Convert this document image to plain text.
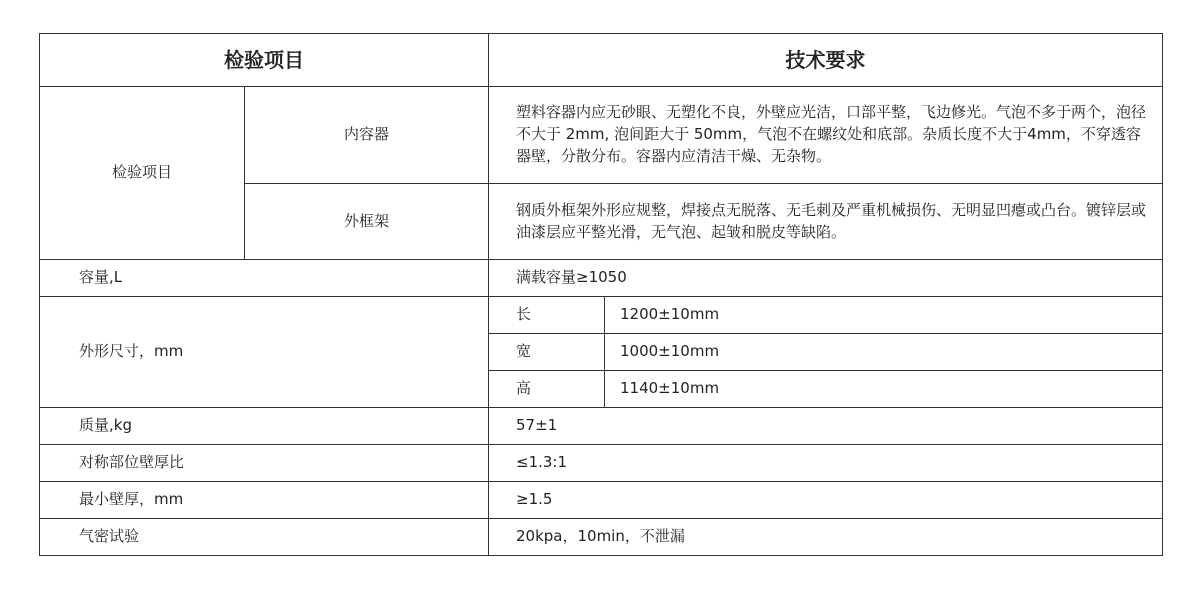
检验项目		技术要求	
检验项目	内容器	塑料容器内应无砂眼、无塑化不良，外壁应光洁，口部平整，飞边修光。气泡不多于两个，泡径不大于 2mm, 泡间距大于 50mm，气泡不在螺纹处和底部。杂质长度不大于4mm，不穿透容器壁，分散分布。容器内应清洁干燥、无杂物。	
	外框架	钢质外框架外形应规整，焊接点无脱落、无毛刺及严重机械损伤、无明显凹瘪或凸台。镀锌层或油漆层应平整光滑，无气泡、起皱和脱皮等缺陷。	
容量,L		满载容量≥1050	
外形尺寸，mm		长	1200±10mm
		宽	1000±10mm
		高	1140±10mm
质量,kg		57±1	
对称部位壁厚比		≤1.3:1	
最小壁厚，mm		≥1.5	
气密试验		20kpa，10min，不泄漏	
